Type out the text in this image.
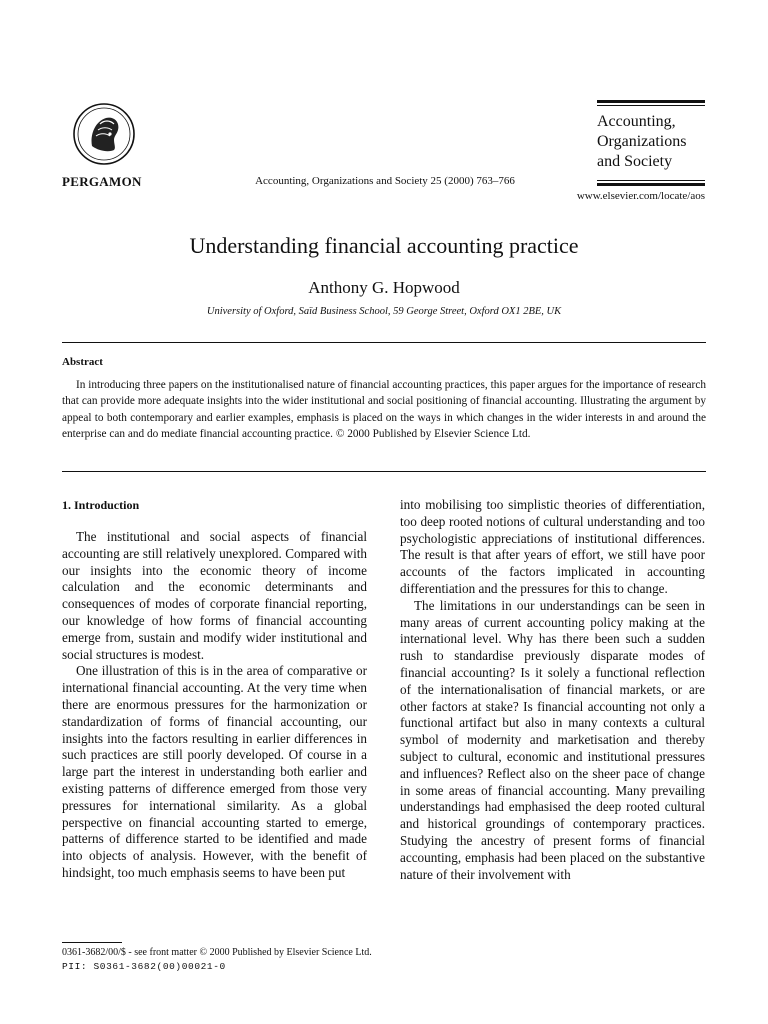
PERGAMON	Accounting, Organizations and Society 25 (2000) 763–766
Accounting,
Organizations
and Society
www.elsevier.com/locate/aos
Understanding financial accounting practice
Anthony G. Hopwood
University of Oxford, Saïd Business School, 59 George Street, Oxford OX1 2BE, UK
Abstract
In introducing three papers on the institutionalised nature of financial accounting practices, this paper argues for the importance of research that can provide more adequate insights into the wider institutional and social positioning of financial accounting. Illustrating the argument by appeal to both contemporary and earlier examples, emphasis is placed on the ways in which changes in the wider interests in and around the enterprise can and do mediate financial accounting practice. © 2000 Published by Elsevier Science Ltd.
1. Introduction

The institutional and social aspects of financial accounting are still relatively unexplored. Compared with our insights into the economic theory of income calculation and the economic determinants and consequences of modes of corporate financial reporting, our knowledge of how forms of financial accounting emerge from, sustain and modify wider institutional and social structures is modest.

One illustration of this is in the area of comparative or international financial accounting. At the very time when there are enormous pressures for the harmonization or standardization of forms of financial accounting, our insights into the factors resulting in earlier differences in such practices are still poorly developed. Of course in a large part the interest in understanding both earlier and existing patterns of difference emerged from those very pressures for international similarity. As a global perspective on financial accounting started to emerge, patterns of difference started to be identified and made into objects of analysis. However, with the benefit of hindsight, too much emphasis seems to have been put

into mobilising too simplistic theories of differentiation, too deep rooted notions of cultural understanding and too psychologistic appreciations of institutional differences. The result is that after years of effort, we still have poor accounts of the factors implicated in accounting differentiation and the pressures for this to change.

The limitations in our understandings can be seen in many areas of current accounting policy making at the international level. Why has there been such a sudden rush to standardise previously disparate modes of financial accounting? Is it solely a functional reflection of the internationalisation of financial markets, or are other factors at stake? Is financial accounting not only a functional artifact but also in many contexts a cultural symbol of modernity and marketisation and thereby subject to cultural, economic and institutional pressures and influences? Reflect also on the sheer pace of change in some areas of financial accounting. Many prevailing understandings had emphasised the deep rooted cultural and historical groundings of contemporary practices. Studying the ancestry of present forms of financial accounting, emphasis had been placed on the substantive nature of their involvement with

0361-3682/00/$ - see front matter © 2000 Published by Elsevier Science Ltd.
PII: S0361-3682(00)00021-0
